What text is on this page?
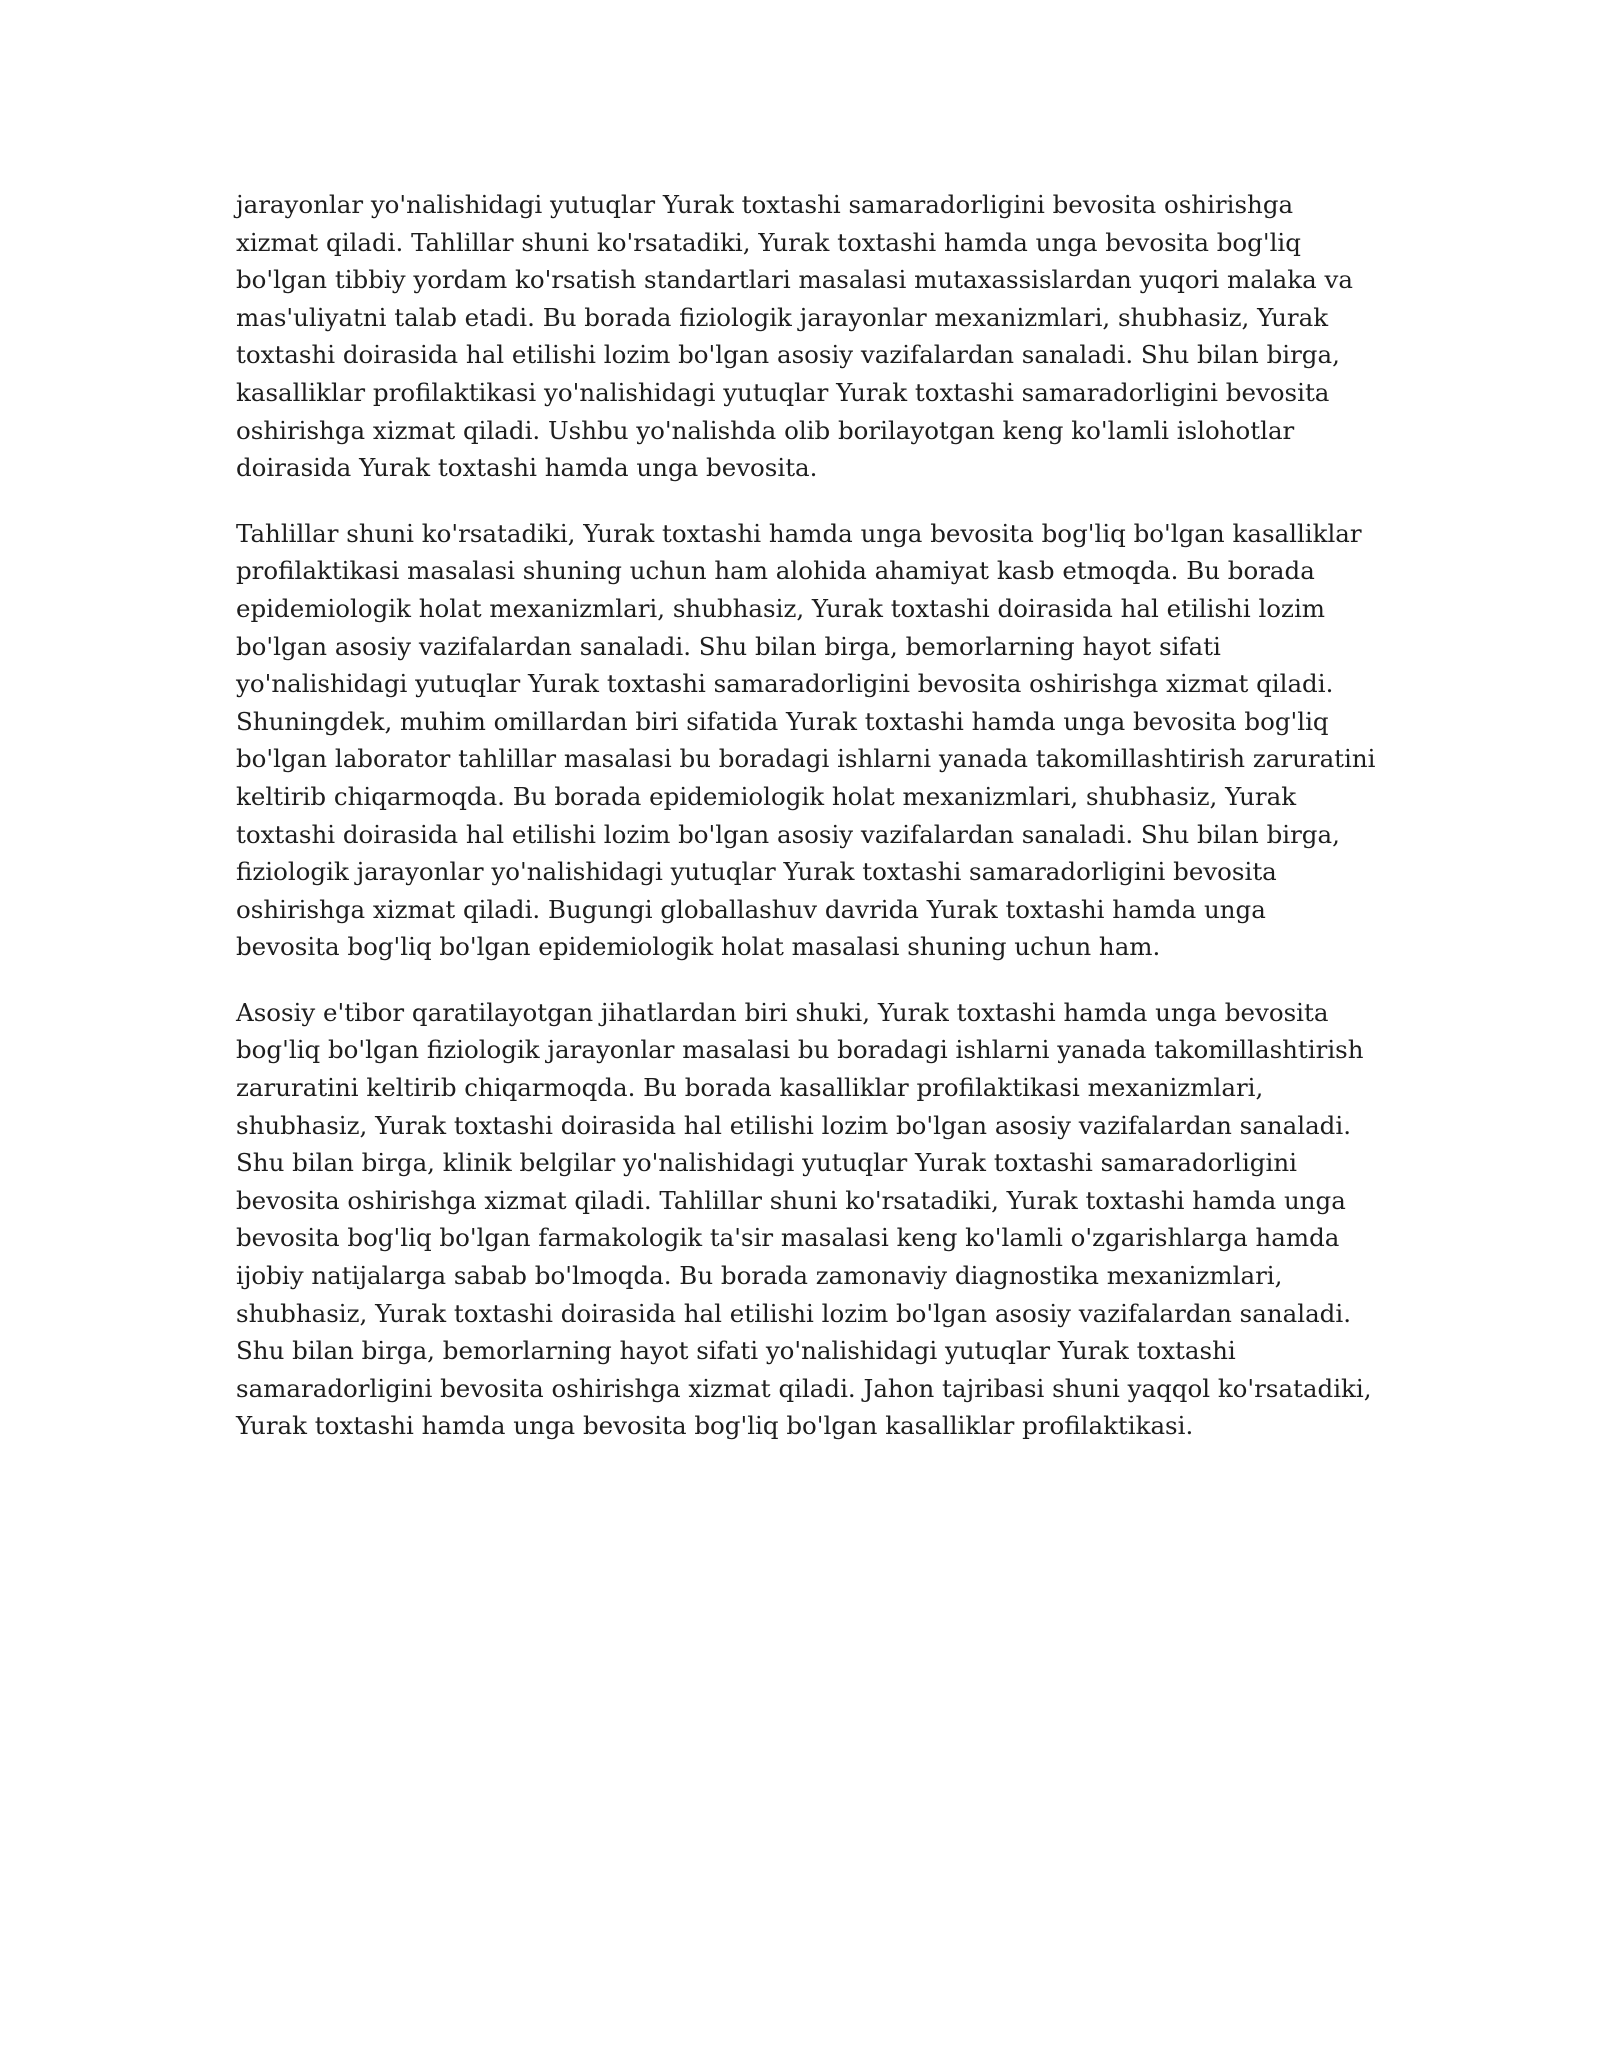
jarayonlar yo'nalishidagi yutuqlar Yurak toxtashi samaradorligini bevosita oshirishga xizmat qiladi. Tahlillar shuni ko'rsatadiki, Yurak toxtashi hamda unga bevosita bog'liq bo'lgan tibbiy yordam ko'rsatish standartlari masalasi mutaxassislardan yuqori malaka va mas'uliyatni talab etadi. Bu borada fiziologik jarayonlar mexanizmlari, shubhasiz, Yurak toxtashi doirasida hal etilishi lozim bo'lgan asosiy vazifalardan sanaladi. Shu bilan birga, kasalliklar profilaktikasi yo'nalishidagi yutuqlar Yurak toxtashi samaradorligini bevosita oshirishga xizmat qiladi. Ushbu yo'nalishda olib borilayotgan keng ko'lamli islohotlar doirasida Yurak toxtashi hamda unga bevosita.

Tahlillar shuni ko'rsatadiki, Yurak toxtashi hamda unga bevosita bog'liq bo'lgan kasalliklar profilaktikasi masalasi shuning uchun ham alohida ahamiyat kasb etmoqda. Bu borada epidemiologik holat mexanizmlari, shubhasiz, Yurak toxtashi doirasida hal etilishi lozim bo'lgan asosiy vazifalardan sanaladi. Shu bilan birga, bemorlarning hayot sifati yo'nalishidagi yutuqlar Yurak toxtashi samaradorligini bevosita oshirishga xizmat qiladi. Shuningdek, muhim omillardan biri sifatida Yurak toxtashi hamda unga bevosita bog'liq bo'lgan laborator tahlillar masalasi bu boradagi ishlarni yanada takomillashtirish zaruratini keltirib chiqarmoqda. Bu borada epidemiologik holat mexanizmlari, shubhasiz, Yurak toxtashi doirasida hal etilishi lozim bo'lgan asosiy vazifalardan sanaladi. Shu bilan birga, fiziologik jarayonlar yo'nalishidagi yutuqlar Yurak toxtashi samaradorligini bevosita oshirishga xizmat qiladi. Bugungi globallashuv davrida Yurak toxtashi hamda unga bevosita bog'liq bo'lgan epidemiologik holat masalasi shuning uchun ham.

Asosiy e'tibor qaratilayotgan jihatlardan biri shuki, Yurak toxtashi hamda unga bevosita bog'liq bo'lgan fiziologik jarayonlar masalasi bu boradagi ishlarni yanada takomillashtirish zaruratini keltirib chiqarmoqda. Bu borada kasalliklar profilaktikasi mexanizmlari, shubhasiz, Yurak toxtashi doirasida hal etilishi lozim bo'lgan asosiy vazifalardan sanaladi. Shu bilan birga, klinik belgilar yo'nalishidagi yutuqlar Yurak toxtashi samaradorligini bevosita oshirishga xizmat qiladi. Tahlillar shuni ko'rsatadiki, Yurak toxtashi hamda unga bevosita bog'liq bo'lgan farmakologik ta'sir masalasi keng ko'lamli o'zgarishlarga hamda ijobiy natijalarga sabab bo'lmoqda. Bu borada zamonaviy diagnostika mexanizmlari, shubhasiz, Yurak toxtashi doirasida hal etilishi lozim bo'lgan asosiy vazifalardan sanaladi. Shu bilan birga, bemorlarning hayot sifati yo'nalishidagi yutuqlar Yurak toxtashi samaradorligini bevosita oshirishga xizmat qiladi. Jahon tajribasi shuni yaqqol ko'rsatadiki, Yurak toxtashi hamda unga bevosita bog'liq bo'lgan kasalliklar profilaktikasi.
